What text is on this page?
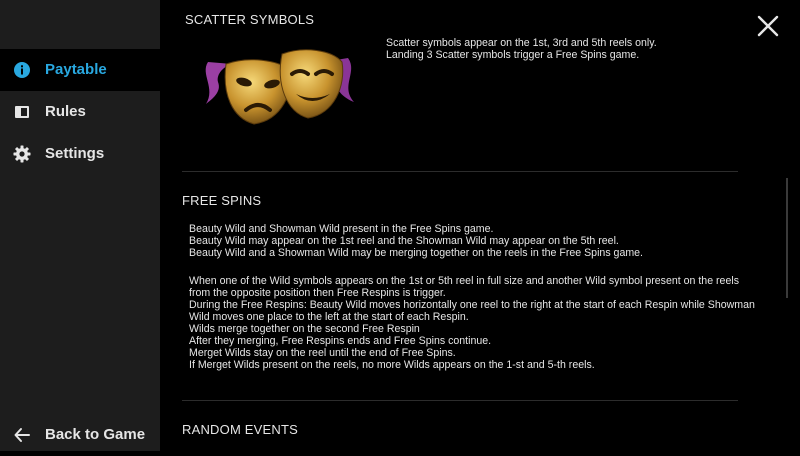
Paytable
Rules
Settings
Back to Game
SCATTER SYMBOLS

Scatter symbols appear on the 1st, 3rd and 5th reels only.

Landing 3 Scatter symbols trigger a Free Spins game.

FREE SPINS

Beauty Wild and Showman Wild present in the Free Spins game.

Beauty Wild may appear on the 1st reel and the Showman Wild may appear on the 5th reel.

Beauty Wild and a Showman Wild may be merging together on the reels in the Free Spins game.

When one of the Wild symbols appears on the 1st or 5th reel in full size and another Wild symbol present on the reels

from the opposite position then Free Respins is trigger.

During the Free Respins: Beauty Wild moves horizontally one reel to the right at the start of each Respin while Showman

Wild moves one place to the left at the start of each Respin.

Wilds merge together on the second Free Respin

After they merging, Free Respins ends and Free Spins continue.

Merget Wilds stay on the reel until the end of Free Spins.

If Merget Wilds present on the reels, no more Wilds appears on the 1-st and 5-th reels.

RANDOM EVENTS
